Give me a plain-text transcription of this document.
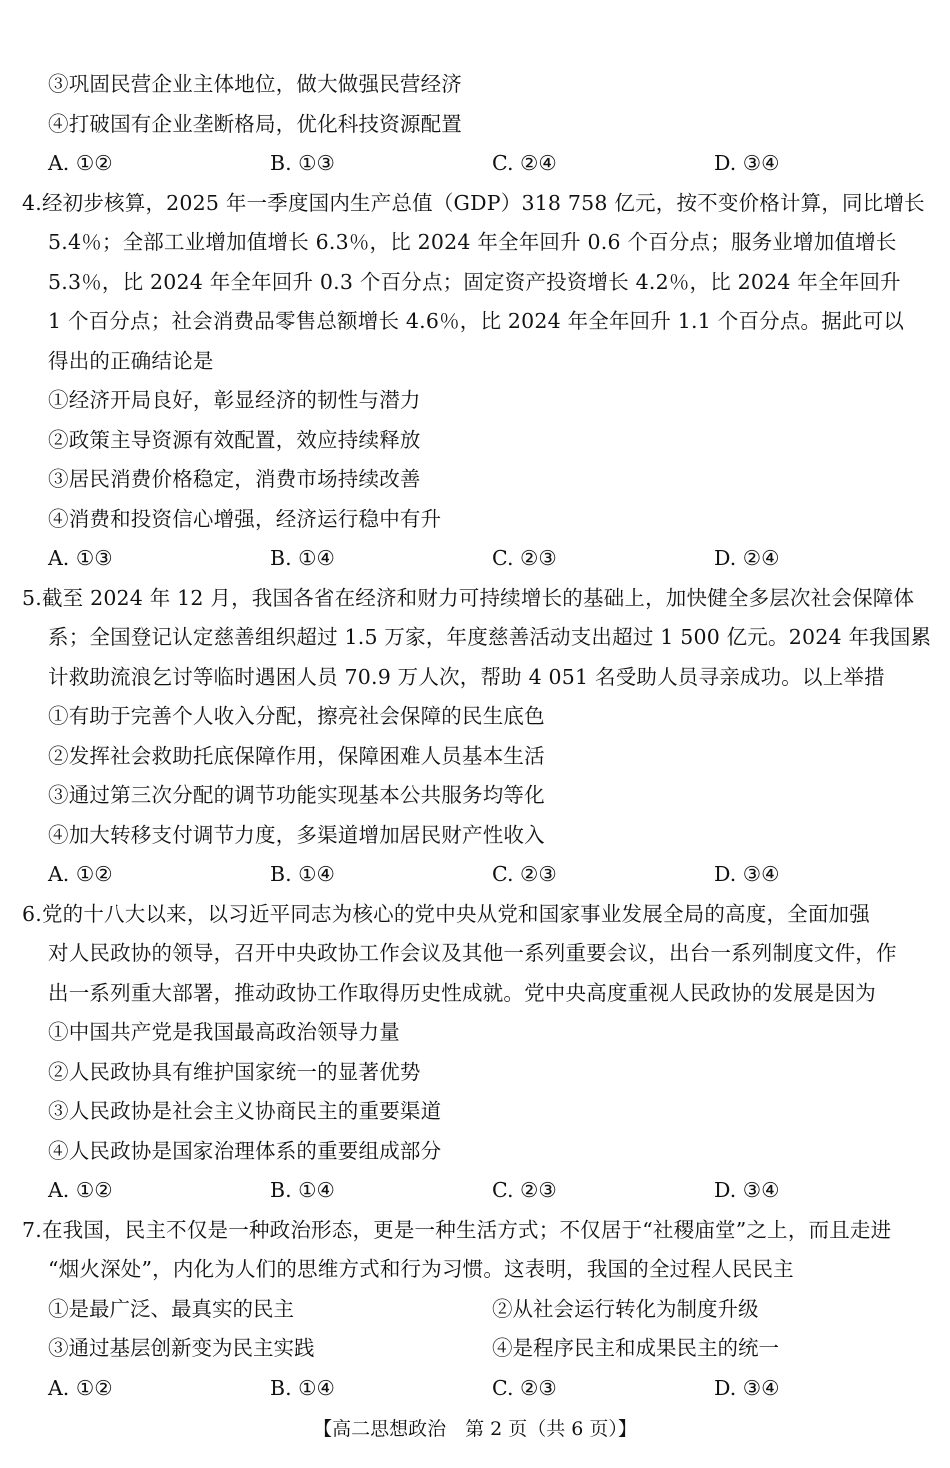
③巩固民营企业主体地位，做大做强民营经济
④打破国有企业垄断格局，优化科技资源配置
A. ①②	B. ①③	C. ②④	D. ③④
4.经初步核算，2025 年一季度国内生产总值（GDP）318 758 亿元，按不变价格计算，同比增长
5.4％；全部工业增加值增长 6.3％，比 2024 年全年回升 0.6 个百分点；服务业增加值增长
5.3％，比 2024 年全年回升 0.3 个百分点；固定资产投资增长 4.2％，比 2024 年全年回升
1 个百分点；社会消费品零售总额增长 4.6％，比 2024 年全年回升 1.1 个百分点。据此可以
得出的正确结论是
①经济开局良好，彰显经济的韧性与潜力
②政策主导资源有效配置，效应持续释放
③居民消费价格稳定，消费市场持续改善
④消费和投资信心增强，经济运行稳中有升
A. ①③	B. ①④	C. ②③	D. ②④
5.截至 2024 年 12 月，我国各省在经济和财力可持续增长的基础上，加快健全多层次社会保障体
系；全国登记认定慈善组织超过 1.5 万家，年度慈善活动支出超过 1 500 亿元。2024 年我国累
计救助流浪乞讨等临时遇困人员 70.9 万人次，帮助 4 051 名受助人员寻亲成功。以上举措
①有助于完善个人收入分配，擦亮社会保障的民生底色
②发挥社会救助托底保障作用，保障困难人员基本生活
③通过第三次分配的调节功能实现基本公共服务均等化
④加大转移支付调节力度，多渠道增加居民财产性收入
A. ①②	B. ①④	C. ②③	D. ③④
6.党的十八大以来，以习近平同志为核心的党中央从党和国家事业发展全局的高度，全面加强
对人民政协的领导，召开中央政协工作会议及其他一系列重要会议，出台一系列制度文件，作
出一系列重大部署，推动政协工作取得历史性成就。党中央高度重视人民政协的发展是因为
①中国共产党是我国最高政治领导力量
②人民政协具有维护国家统一的显著优势
③人民政协是社会主义协商民主的重要渠道
④人民政协是国家治理体系的重要组成部分
A. ①②	B. ①④	C. ②③	D. ③④
7.在我国，民主不仅是一种政治形态，更是一种生活方式；不仅居于“社稷庙堂”之上，而且走进
“烟火深处”，内化为人们的思维方式和行为习惯。这表明，我国的全过程人民民主
①是最广泛、最真实的民主	②从社会运行转化为制度升级
③通过基层创新变为民主实践	④是程序民主和成果民主的统一
A. ①②	B. ①④	C. ②③	D. ③④
【高二思想政治　第 2 页（共 6 页）】
